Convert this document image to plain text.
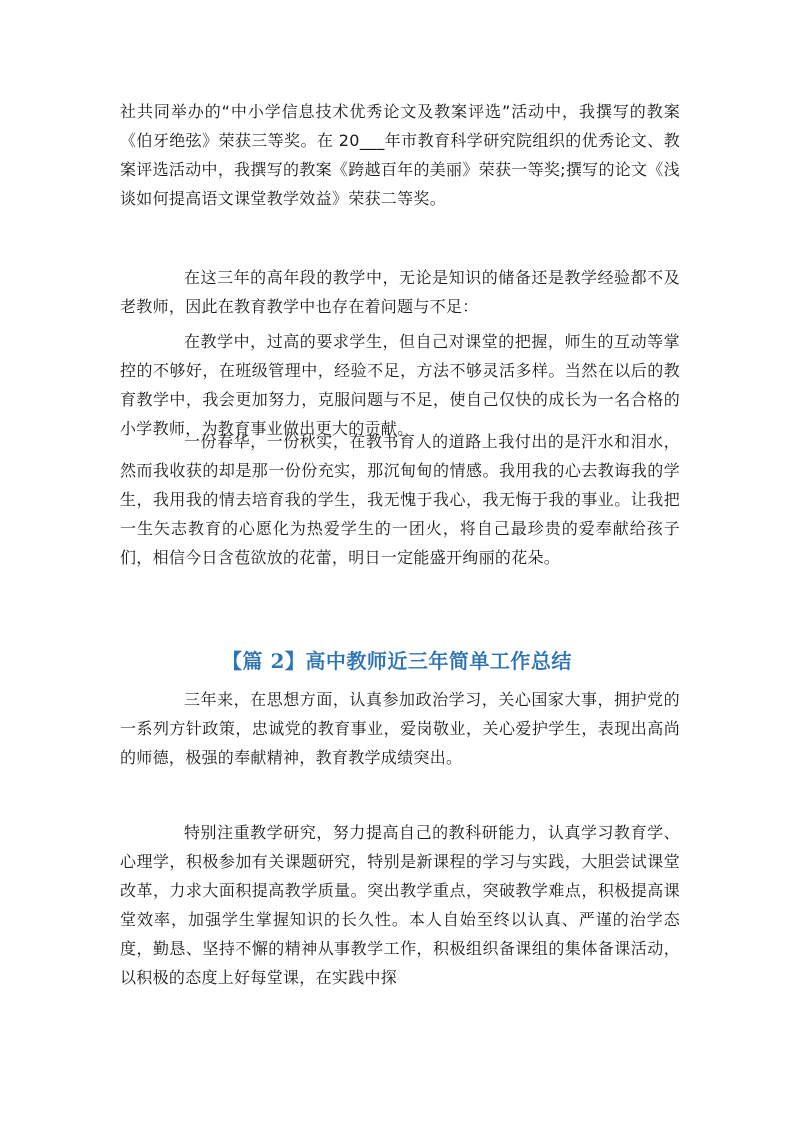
社共同举办的“中小学信息技术优秀论文及教案评选”活动中，我撰写的教案《伯牙绝弦》荣获三等奖。在 20___年市教育科学研究院组织的优秀论文、教案评选活动中，我撰写的教案《跨越百年的美丽》荣获一等奖;撰写的论文《浅谈如何提高语文课堂教学效益》荣获二等奖。

在这三年的高年段的教学中，无论是知识的储备还是教学经验都不及老教师，因此在教育教学中也存在着问题与不足：

在教学中，过高的要求学生，但自己对课堂的把握，师生的互动等掌控的不够好，在班级管理中，经验不足，方法不够灵活多样。当然在以后的教育教学中，我会更加努力，克服问题与不足，使自己仅快的成长为一名合格的小学教师，为教育事业做出更大的贡献。

一份春华，一份秋实，在教书育人的道路上我付出的是汗水和泪水，然而我收获的却是那一份份充实，那沉甸甸的情感。我用我的心去教诲我的学生，我用我的情去培育我的学生，我无愧于我心，我无悔于我的事业。让我把一生矢志教育的心愿化为热爱学生的一团火，将自己最珍贵的爱奉献给孩子们，相信今日含苞欲放的花蕾，明日一定能盛开绚丽的花朵。

【篇 2】高中教师近三年简单工作总结

三年来，在思想方面，认真参加政治学习，关心国家大事，拥护党的一系列方针政策，忠诚党的教育事业，爱岗敬业，关心爱护学生，表现出高尚的师德，极强的奉献精神，教育教学成绩突出。

特别注重教学研究，努力提高自己的教科研能力，认真学习教育学、心理学，积极参加有关课题研究，特别是新课程的学习与实践，大胆尝试课堂改革，力求大面积提高教学质量。突出教学重点，突破教学难点，积极提高课堂效率，加强学生掌握知识的长久性。本人自始至终以认真、严谨的治学态度，勤恳、坚持不懈的精神从事教学工作，积极组织备课组的集体备课活动，以积极的态度上好每堂课，在实践中探
